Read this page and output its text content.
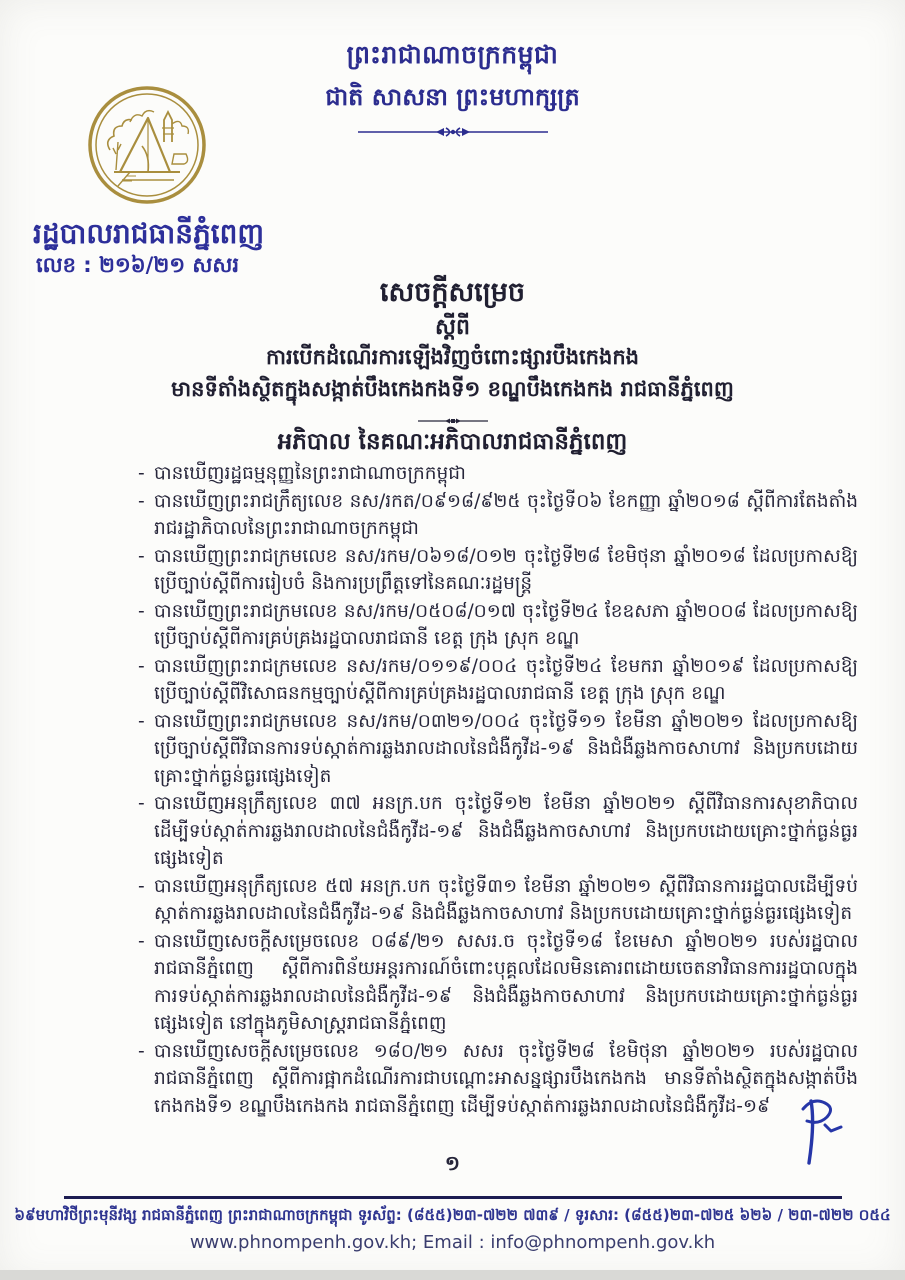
ព្រះរាជាណាចក្រកម្ពុជា
ជាតិ សាសនា ព្រះមហាក្សត្រ
រដ្ឋបាលរាជធានីភ្នំពេញ
លេខ : ២១៦/២១ សសរ
សេចក្តីសម្រេច
ស្តីពី
ការបើកដំណើរការឡើងវិញចំពោះផ្សារបឹងកេងកង
មានទីតាំងស្ថិតក្នុងសង្កាត់បឹងកេងកងទី១ ខណ្ឌបឹងកេងកង រាជធានីភ្នំពេញ
អភិបាល នៃគណៈអភិបាលរាជធានីភ្នំពេញ
- បានឃើញរដ្ឋធម្មនុញ្ញនៃព្រះរាជាណាចក្រកម្ពុជា
- បានឃើញព្រះរាជក្រឹត្យលេខ នស/រកត/០៩១៨/៩២៥ ចុះថ្ងៃទី០៦ ខែកញ្ញា ឆ្នាំ២០១៨ ស្តីពីការតែងតាំងរាជរដ្ឋាភិបាលនៃព្រះរាជាណាចក្រកម្ពុជា
- បានឃើញព្រះរាជក្រមលេខ នស/រកម/០៦១៨/០១២ ចុះថ្ងៃទី២៨ ខែមិថុនា ឆ្នាំ២០១៨ ដែលប្រកាសឱ្យប្រើច្បាប់ស្តីពីការរៀបចំ និងការប្រព្រឹត្តទៅនៃគណៈរដ្ឋមន្ត្រី
- បានឃើញព្រះរាជក្រមលេខ នស/រកម/០៥០៨/០១៧ ចុះថ្ងៃទី២៤ ខែឧសភា ឆ្នាំ២០០៨ ដែលប្រកាសឱ្យប្រើច្បាប់ស្តីពីការគ្រប់គ្រងរដ្ឋបាលរាជធានី ខេត្ត ក្រុង ស្រុក ខណ្ឌ
- បានឃើញព្រះរាជក្រមលេខ នស/រកម/០១១៩/០០៤ ចុះថ្ងៃទី២៤ ខែមករា ឆ្នាំ២០១៩ ដែលប្រកាសឱ្យប្រើច្បាប់ស្តីពីវិសោធនកម្មច្បាប់ស្តីពីការគ្រប់គ្រងរដ្ឋបាលរាជធានី ខេត្ត ក្រុង ស្រុក ខណ្ឌ
- បានឃើញព្រះរាជក្រមលេខ នស/រកម/០៣២១/០០៤ ចុះថ្ងៃទី១១ ខែមីនា ឆ្នាំ២០២១ ដែលប្រកាសឱ្យប្រើច្បាប់ស្តីពីវិធានការទប់ស្កាត់ការឆ្លងរាលដាលនៃជំងឺកូវីដ-១៩ និងជំងឺឆ្លងកាចសាហាវ និងប្រកបដោយគ្រោះថ្នាក់ធ្ងន់ធ្ងរផ្សេងទៀត
- បានឃើញអនុក្រឹត្យលេខ ៣៧ អនក្រ.បក ចុះថ្ងៃទី១២ ខែមីនា ឆ្នាំ២០២១ ស្តីពីវិធានការសុខាភិបាលដើម្បីទប់ស្កាត់ការឆ្លងរាលដាលនៃជំងឺកូវីដ-១៩ និងជំងឺឆ្លងកាចសាហាវ និងប្រកបដោយគ្រោះថ្នាក់ធ្ងន់ធ្ងរផ្សេងទៀត
- បានឃើញអនុក្រឹត្យលេខ ៥៧ អនក្រ.បក ចុះថ្ងៃទី៣១ ខែមីនា ឆ្នាំ២០២១ ស្តីពីវិធានការរដ្ឋបាលដើម្បីទប់ស្កាត់ការឆ្លងរាលដាលនៃជំងឺកូវីដ-១៩ និងជំងឺឆ្លងកាចសាហាវ និងប្រកបដោយគ្រោះថ្នាក់ធ្ងន់ធ្ងរផ្សេងទៀត
- បានឃើញសេចក្តីសម្រេចលេខ ០៨៩/២១ សសរ.ច ចុះថ្ងៃទី១៨ ខែមេសា ឆ្នាំ២០២១ របស់រដ្ឋបាលរាជធានីភ្នំពេញ ស្តីពីការពិន័យអន្តរការណ៍ចំពោះបុគ្គលដែលមិនគោរពដោយចេតនាវិធានការរដ្ឋបាលក្នុងការទប់ស្កាត់ការឆ្លងរាលដាលនៃជំងឺកូវីដ-១៩ និងជំងឺឆ្លងកាចសាហាវ និងប្រកបដោយគ្រោះថ្នាក់ធ្ងន់ធ្ងរផ្សេងទៀត នៅក្នុងភូមិសាស្ត្ររាជធានីភ្នំពេញ
- បានឃើញសេចក្តីសម្រេចលេខ ១៨០/២១ សសរ ចុះថ្ងៃទី២៨ ខែមិថុនា ឆ្នាំ២០២១ របស់រដ្ឋបាលរាជធានីភ្នំពេញ ស្តីពីការផ្អាកដំណើរការជាបណ្តោះអាសន្នផ្សារបឹងកេងកង មានទីតាំងស្ថិតក្នុងសង្កាត់បឹងកេងកងទី១ ខណ្ឌបឹងកេងកង រាជធានីភ្នំពេញ ដើម្បីទប់ស្កាត់ការឆ្លងរាលដាលនៃជំងឺកូវីដ-១៩
១
៦៩មហាវិថីព្រះមុនីវង្ស រាជធានីភ្នំពេញ ព្រះរាជាណាចក្រកម្ពុជា ទូរស័ព្ទ: (៨៥៥)២៣-៧២២ ៧៣៩ / ទូរសារ: (៨៥៥)២៣-៧២៥ ៦២៦ / ២៣-៧២២ ០៥៤
www.phnompenh.gov.kh; Email : info@phnompenh.gov.kh
